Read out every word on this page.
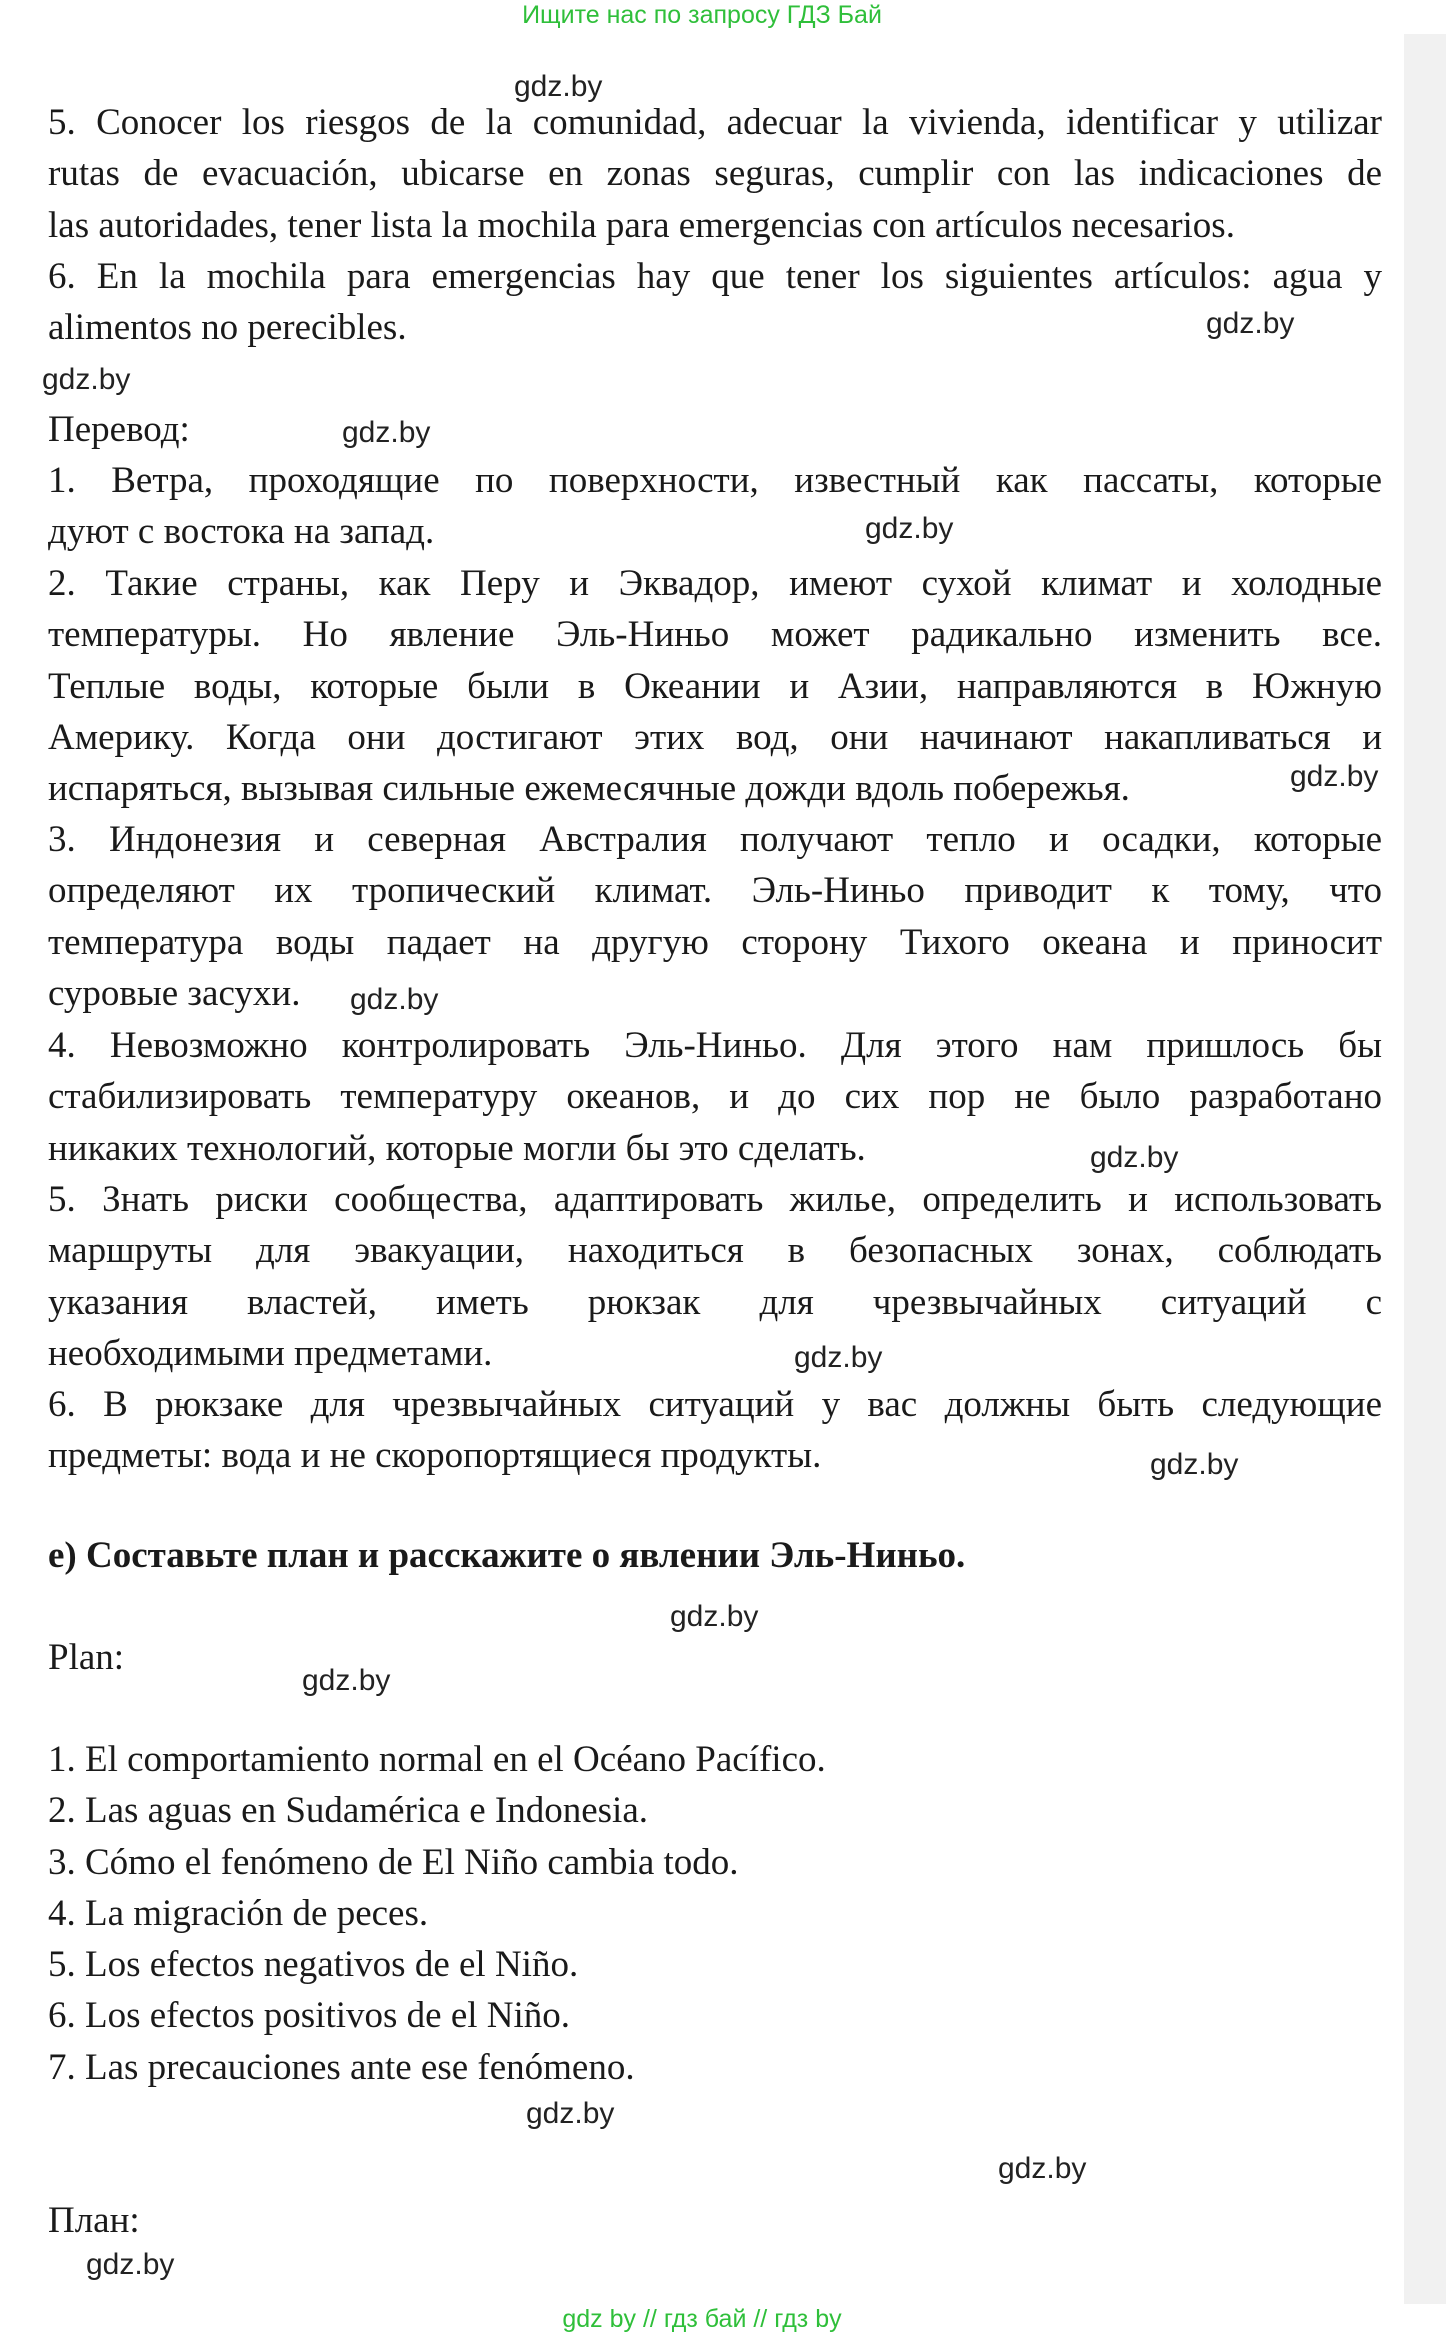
Ищите нас по запросу ГДЗ Бай
5. Conocer los riesgos de la comunidad, adecuar la vivienda, identificar y utilizar
rutas de evacuación, ubicarse en zonas seguras, cumplir con las indicaciones de
las autoridades, tener lista la mochila para emergencias con artículos necesarios.
6. En la mochila para emergencias hay que tener los siguientes artículos: agua y
alimentos no perecibles.
Перевод:
1. Ветра, проходящие по поверхности, известный как пассаты, которые
дуют с востока на запад.
2. Такие страны, как Перу и Эквадор, имеют сухой климат и холодные
температуры. Но явление Эль-Ниньо может радикально изменить все.
Теплые воды, которые были в Океании и Азии, направляются в Южную
Америку. Когда они достигают этих вод, они начинают накапливаться и
испаряться, вызывая сильные ежемесячные дожди вдоль побережья.
3. Индонезия и северная Австралия получают тепло и осадки, которые
определяют их тропический климат. Эль-Ниньо приводит к тому, что
температура воды падает на другую сторону Тихого океана и приносит
суровые засухи.
4. Невозможно контролировать Эль-Ниньо. Для этого нам пришлось бы
стабилизировать температуру океанов, и до сих пор не было разработано
никаких технологий, которые могли бы это сделать.
5. Знать риски сообщества, адаптировать жилье, определить и использовать
маршруты для эвакуации, находиться в безопасных зонах, соблюдать
указания властей, иметь рюкзак для чрезвычайных ситуаций с
необходимыми предметами.
6. В рюкзаке для чрезвычайных ситуаций у вас должны быть следующие
предметы: вода и не скоропортящиеся продукты.
e) Составьте план и расскажите о явлении Эль-Ниньо.
Plan:
1. El comportamiento normal en el Océano Pacífico.
2. Las aguas en Sudamérica e Indonesia.
3. Cómo el fenómeno de El Niño cambia todo.
4. La migración de peces.
5. Los efectos negativos de el Niño.
6. Los efectos positivos de el Niño.
7. Las precauciones ante ese fenómeno.
План:
gdz.by
gdz.by
gdz.by
gdz.by
gdz.by
gdz.by
gdz.by
gdz.by
gdz.by
gdz.by
gdz.by
gdz.by
gdz.by
gdz.by
gdz.by
gdz by // гдз бай // гдз by
